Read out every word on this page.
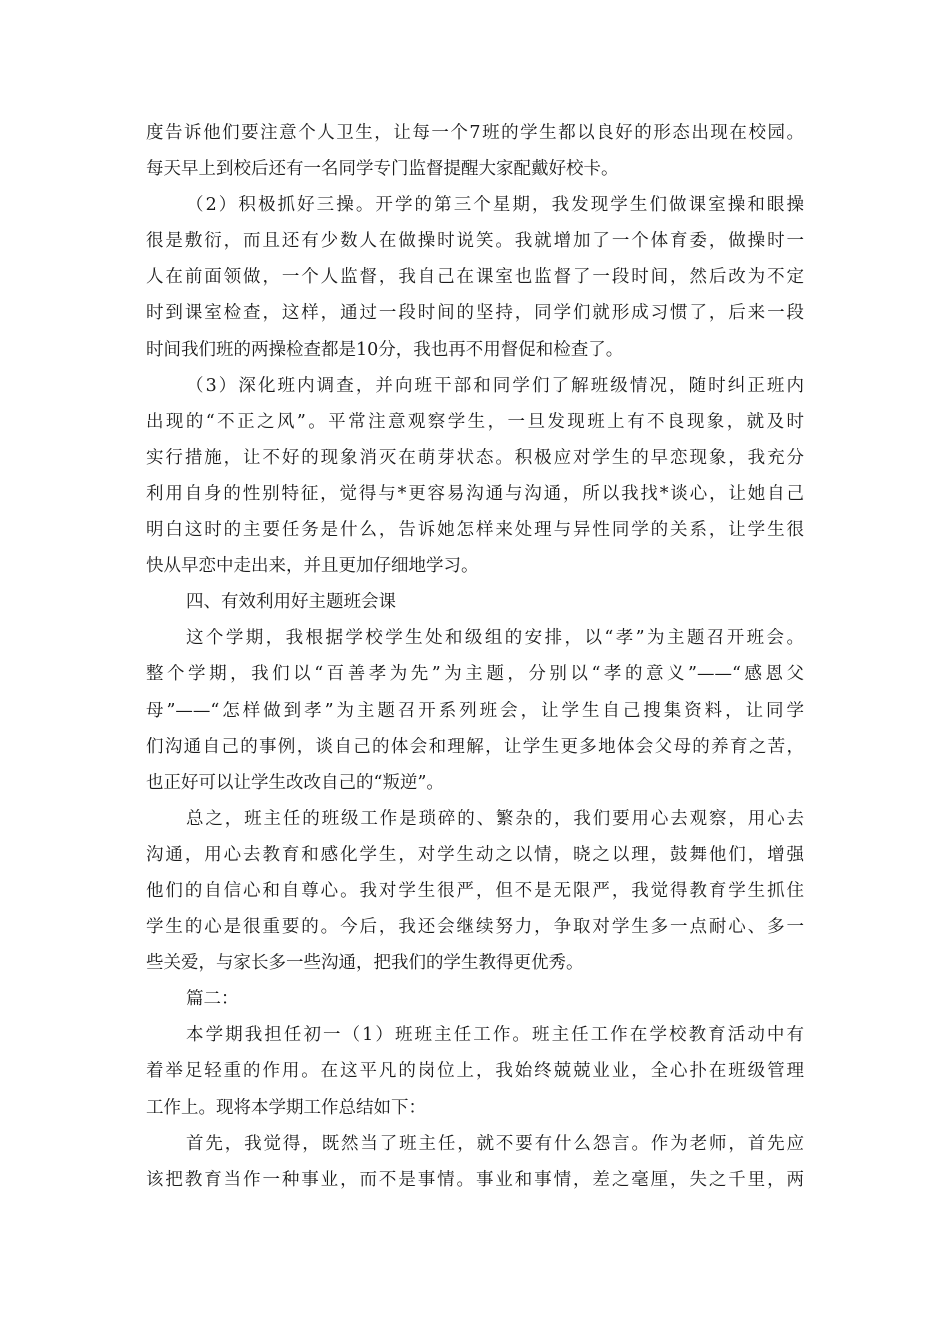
度告诉他们要注意个人卫生，让每一个7班的学生都以良好的形态出现在校园。
每天早上到校后还有一名同学专门监督提醒大家配戴好校卡。
（2）积极抓好三操。开学的第三个星期，我发现学生们做课室操和眼操
很是敷衍，而且还有少数人在做操时说笑。我就增加了一个体育委，做操时一
人在前面领做，一个人监督，我自己在课室也监督了一段时间，然后改为不定
时到课室检查，这样，通过一段时间的坚持，同学们就形成习惯了，后来一段
时间我们班的两操检查都是10分，我也再不用督促和检查了。
（3）深化班内调查，并向班干部和同学们了解班级情况，随时纠正班内
出现的“不正之风”。平常注意观察学生，一旦发现班上有不良现象，就及时
实行措施，让不好的现象消灭在萌芽状态。积极应对学生的早恋现象，我充分
利用自身的性别特征，觉得与*更容易沟通与沟通，所以我找*谈心，让她自己
明白这时的主要任务是什么，告诉她怎样来处理与异性同学的关系，让学生很
快从早恋中走出来，并且更加仔细地学习。
四、有效利用好主题班会课
这个学期，我根据学校学生处和级组的安排，以“孝”为主题召开班会。
整个学期，我们以“百善孝为先”为主题，分别以“孝的意义”——“感恩父
母”——“怎样做到孝”为主题召开系列班会，让学生自己搜集资料，让同学
们沟通自己的事例，谈自己的体会和理解，让学生更多地体会父母的养育之苦，
也正好可以让学生改改自己的“叛逆”。
总之，班主任的班级工作是琐碎的、繁杂的，我们要用心去观察，用心去
沟通，用心去教育和感化学生，对学生动之以情，晓之以理，鼓舞他们，增强
他们的自信心和自尊心。我对学生很严，但不是无限严，我觉得教育学生抓住
学生的心是很重要的。今后，我还会继续努力，争取对学生多一点耐心、多一
些关爱，与家长多一些沟通，把我们的学生教得更优秀。
篇二：
本学期我担任初一（1）班班主任工作。班主任工作在学校教育活动中有
着举足轻重的作用。在这平凡的岗位上，我始终兢兢业业，全心扑在班级管理
工作上。现将本学期工作总结如下：
首先，我觉得，既然当了班主任，就不要有什么怨言。作为老师，首先应
该把教育当作一种事业，而不是事情。事业和事情，差之毫厘，失之千里，两
